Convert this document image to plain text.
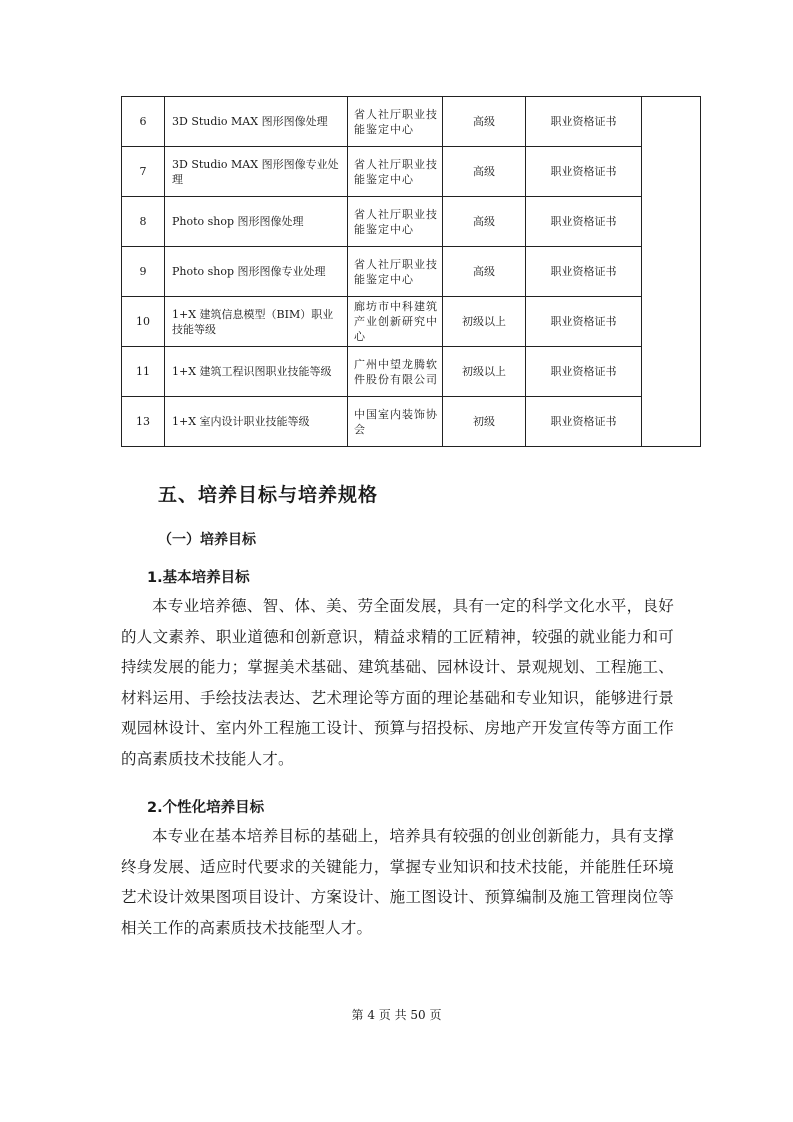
6	3D Studio MAX 图形图像处理	省人社厅职业技能鉴定中心	高级	职业资格证书	
7	3D Studio MAX 图形图像专业处理	省人社厅职业技能鉴定中心	高级	职业资格证书	
8	Photo shop 图形图像处理	省人社厅职业技能鉴定中心	高级	职业资格证书	
9	Photo shop 图形图像专业处理	省人社厅职业技能鉴定中心	高级	职业资格证书	
10	1+X 建筑信息模型（BIM）职业技能等级	廊坊市中科建筑产业创新研究中心	初级以上	职业资格证书	
11	1+X 建筑工程识图职业技能等级	广州中望龙腾软件股份有限公司	初级以上	职业资格证书	
13	1+X 室内设计职业技能等级	中国室内装饰协会	初级	职业资格证书	
五、培养目标与培养规格
（一）培养目标
1.基本培养目标
本专业培养德、智、体、美、劳全面发展，具有一定的科学文化水平，良好的人文素养、职业道德和创新意识，精益求精的工匠精神，较强的就业能力和可持续发展的能力；掌握美术基础、建筑基础、园林设计、景观规划、工程施工、材料运用、手绘技法表达、艺术理论等方面的理论基础和专业知识，能够进行景观园林设计、室内外工程施工设计、预算与招投标、房地产开发宣传等方面工作的高素质技术技能人才。
2.个性化培养目标
本专业在基本培养目标的基础上，培养具有较强的创业创新能力，具有支撑终身发展、适应时代要求的关键能力，掌握专业知识和技术技能，并能胜任环境艺术设计效果图项目设计、方案设计、施工图设计、预算编制及施工管理岗位等相关工作的高素质技术技能型人才。
第 4 页 共 50 页
